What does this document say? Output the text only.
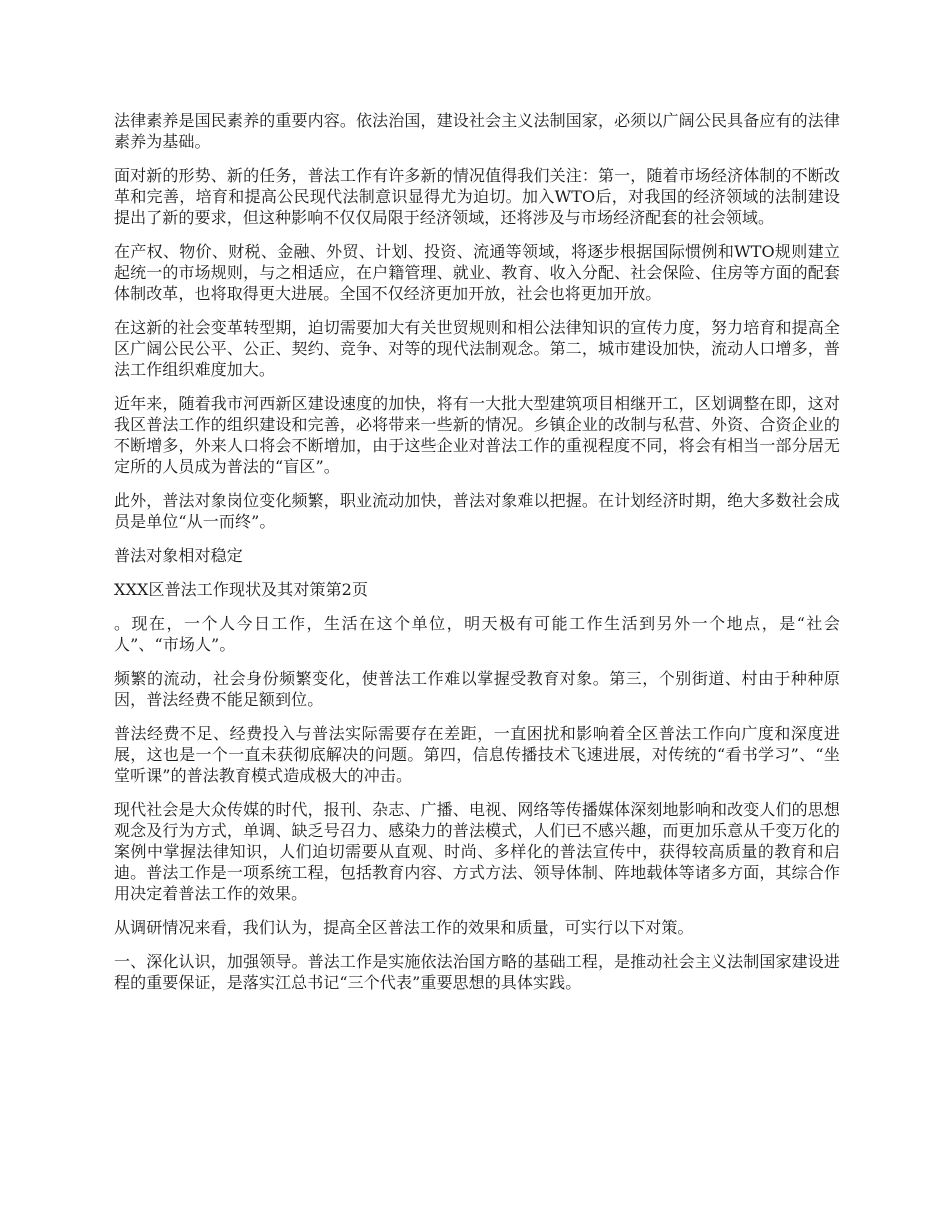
法律素养是国民素养的重要内容。依法治国，建设社会主义法制国家，必须以广阔公民具备应有的法律素养为基础。

面对新的形势、新的任务，普法工作有许多新的情况值得我们关注：第一，随着市场经济体制的不断改革和完善，培育和提高公民现代法制意识显得尤为迫切。加入WTO后，对我国的经济领域的法制建设提出了新的要求，但这种影响不仅仅局限于经济领域，还将涉及与市场经济配套的社会领域。

在产权、物价、财税、金融、外贸、计划、投资、流通等领域，将逐步根据国际惯例和WTO规则建立起统一的市场规则，与之相适应，在户籍管理、就业、教育、收入分配、社会保险、住房等方面的配套体制改革，也将取得更大进展。全国不仅经济更加开放，社会也将更加开放。

在这新的社会变革转型期，迫切需要加大有关世贸规则和相公法律知识的宣传力度，努力培育和提高全区广阔公民公平、公正、契约、竞争、对等的现代法制观念。第二，城市建设加快，流动人口增多，普法工作组织难度加大。

近年来，随着我市河西新区建设速度的加快，将有一大批大型建筑项目相继开工，区划调整在即，这对我区普法工作的组织建设和完善，必将带来一些新的情况。乡镇企业的改制与私营、外资、合资企业的不断增多，外来人口将会不断增加，由于这些企业对普法工作的重视程度不同，将会有相当一部分居无定所的人员成为普法的“盲区”。

此外，普法对象岗位变化频繁，职业流动加快，普法对象难以把握。在计划经济时期，绝大多数社会成员是单位“从一而终”。

普法对象相对稳定

XXX区普法工作现状及其对策第2页

。现在，一个人今日工作，生活在这个单位，明天极有可能工作生活到另外一个地点，是“社会人”、“市场人”。

频繁的流动，社会身份频繁变化，使普法工作难以掌握受教育对象。第三，个别街道、村由于种种原因，普法经费不能足额到位。

普法经费不足、经费投入与普法实际需要存在差距，一直困扰和影响着全区普法工作向广度和深度进展，这也是一个一直未获彻底解决的问题。第四，信息传播技术飞速进展，对传统的“看书学习”、“坐堂听课”的普法教育模式造成极大的冲击。

现代社会是大众传媒的时代，报刊、杂志、广播、电视、网络等传播媒体深刻地影响和改变人们的思想观念及行为方式，单调、缺乏号召力、感染力的普法模式，人们已不感兴趣，而更加乐意从千变万化的案例中掌握法律知识，人们迫切需要从直观、时尚、多样化的普法宣传中，获得较高质量的教育和启迪。普法工作是一项系统工程，包括教育内容、方式方法、领导体制、阵地载体等诸多方面，其综合作用决定着普法工作的效果。

从调研情况来看，我们认为，提高全区普法工作的效果和质量，可实行以下对策。

一、深化认识，加强领导。普法工作是实施依法治国方略的基础工程，是推动社会主义法制国家建设进程的重要保证，是落实江总书记“三个代表”重要思想的具体实践。
